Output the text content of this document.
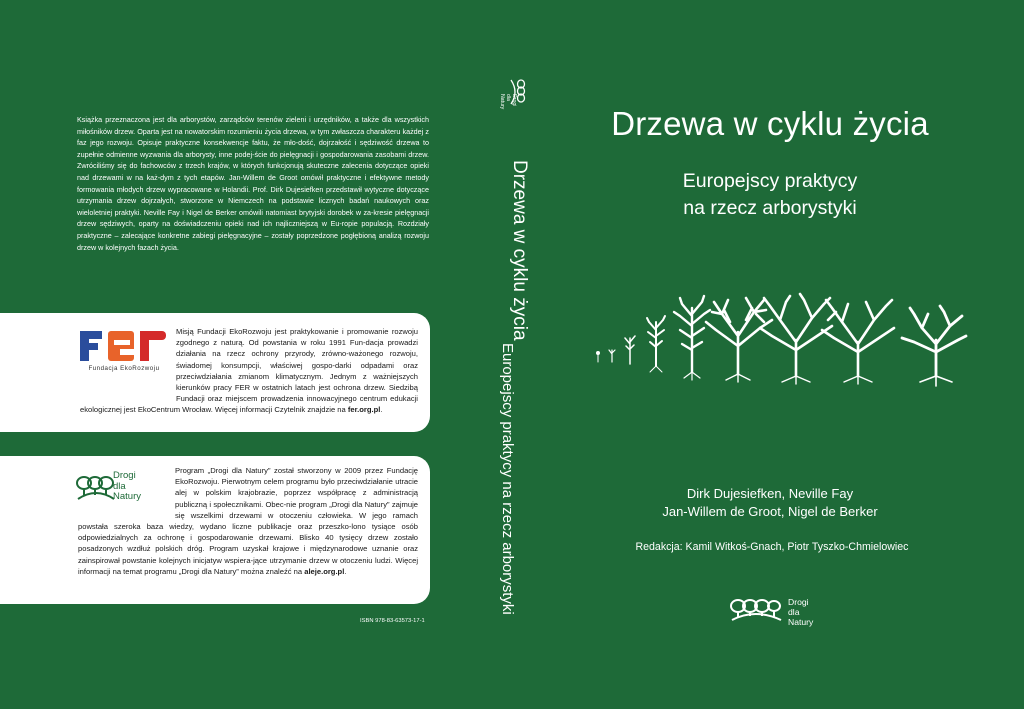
Książka przeznaczona jest dla arborystów, zarządców terenów zieleni i urzędników, a także dla wszystkich miłośników drzew. Oparta jest na nowatorskim rozumieniu życia drzewa, w tym zwłaszcza charakteru każdej z faz jego rozwoju. Opisuje praktyczne konsekwencje faktu, że mło-dość, dojrzałość i sędziwość drzewa to zupełnie odmienne wyzwania dla arborysty, inne podej-ście do pielęgnacji i gospodarowania zasobami drzew. Zwróciliśmy się do fachowców z trzech krajów, w których funkcjonują skuteczne zalecenia dotyczące opieki nad drzewami w na każ-dym z tych etapów. Jan-Willem de Groot omówił praktyczne i efektywne metody formowania młodych drzew wypracowane w Holandii. Prof. Dirk Dujesiefken przedstawił wytyczne dotyczące utrzymania drzew dojrzałych, stworzone w Niemczech na podstawie licznych badań naukowych oraz wieloletniej praktyki. Neville Fay i Nigel de Berker omówili natomiast brytyjski dorobek w za-kresie pielęgnacji drzew sędziwych, oparty na doświadczeniu opieki nad ich najliczniejszą w Eu-ropie populacją. Rozdziały praktyczne – zalecające konkretne zabiegi pielęgnacyjne – zostały poprzedzone pogłębioną analizą rozwoju drzew w kolejnych fazach życia.
Fundacja EkoRozwoju
Misją Fundacji EkoRozwoju jest praktykowanie i promowanie rozwoju zgodnego z naturą. Od powstania w roku 1991 Fun-dacja prowadzi działania na rzecz ochrony przyrody, zrówno-ważonego rozwoju, świadomej konsumpcji, właściwej gospo-darki odpadami oraz przeciwdziałania zmianom klimatycznym. Jednym z ważniejszych kierunków pracy FER w ostatnich latach jest ochrona drzew. Siedzibą Fundacji oraz miejscem prowadzenia innowacyjnego centrum edukacji ekologicznej jest EkoCentrum Wrocław. Więcej informacji Czytelnik znajdzie na fer.org.pl.
Drogi
dla
Natury
Program „Drogi dla Natury” został stworzony w 2009 przez Fundację EkoRozwoju. Pierwotnym celem programu było przeciwdziałanie utracie alej w polskim krajobrazie, poprzez współpracę z administracją publiczną i społecznikami. Obec-nie program „Drogi dla Natury” zajmuje się wszelkimi drzewami w otoczeniu człowieka. W jego ramach powstała szeroka baza wiedzy, wydano liczne publikacje oraz przeszko-lono tysiące osób odpowiedzialnych za ochronę i gospodarowanie drzewami. Blisko 40 tysięcy drzew zostało posadzonych wzdłuż polskich dróg. Program uzyskał krajowe i międzynarodowe uznanie oraz zainspirował powstanie kolejnych inicjatyw wspiera-jące utrzymanie drzew w otoczeniu ludzi. Więcej informacji na temat programu „Drogi dla Natury” można znaleźć na aleje.org.pl.
ISBN 978-83-63573-17-1
Drogi
dla
Natury
Drzewa w cyklu życia
Europejscy praktycy na rzecz arborystyki
Drzewa w cyklu życia
Europejscy praktycy
na rzecz arborystyki
Dirk Dujesiefken, Neville Fay
Jan-Willem de Groot, Nigel de Berker
Redakcja: Kamil Witkoś-Gnach, Piotr Tyszko-Chmielowiec
Drogi
dla
Natury
